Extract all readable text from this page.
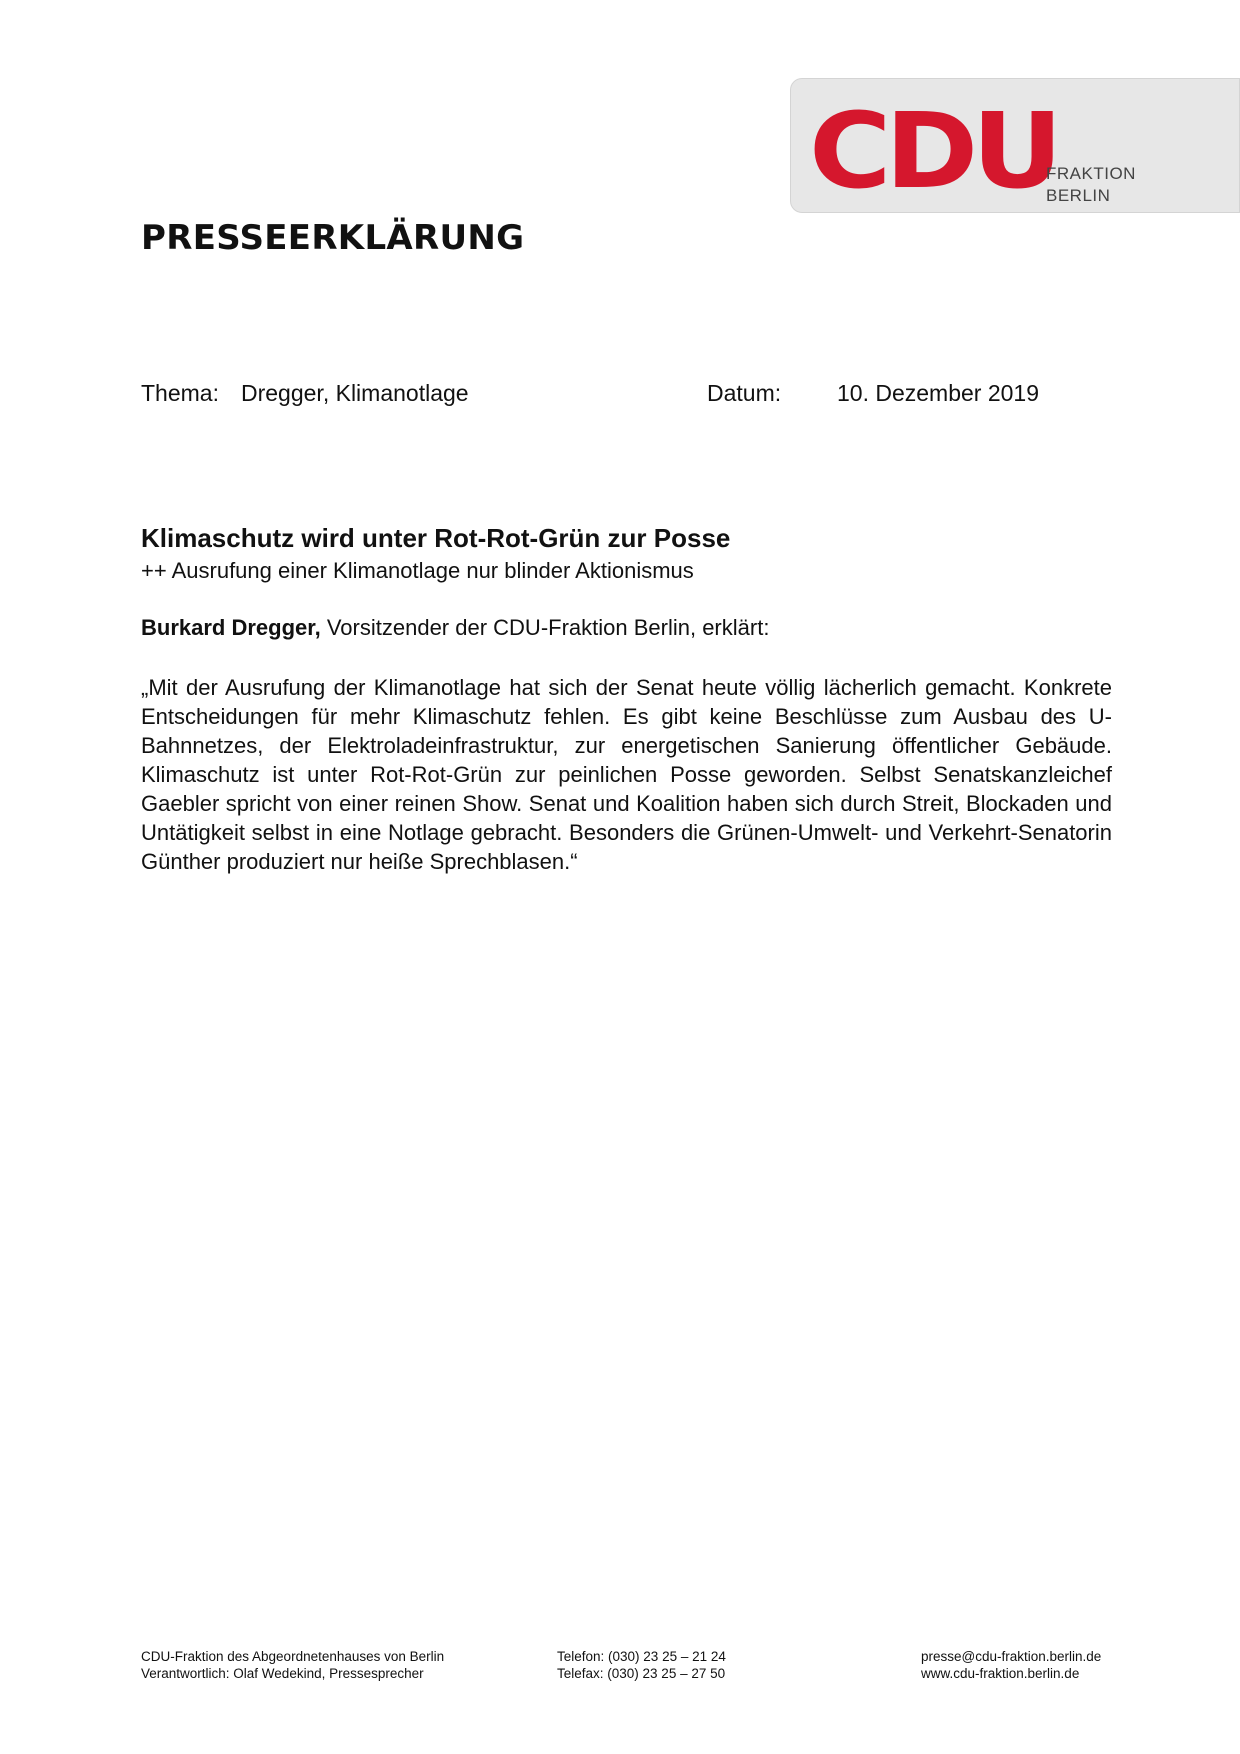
CDU
FRAKTION
BERLIN
PRESSEERKLÄRUNG
Thema: Dregger, Klimanotlage	Datum: 10. Dezember 2019
Klimaschutz wird unter Rot-Rot-Grün zur Posse
++ Ausrufung einer Klimanotlage nur blinder Aktionismus
Burkard Dregger, Vorsitzender der CDU-Fraktion Berlin, erklärt:

„Mit der Ausrufung der Klimanotlage hat sich der Senat heute völlig lächerlich gemacht. Konkrete Entscheidungen für mehr Klimaschutz fehlen. Es gibt keine Beschlüsse zum Ausbau des U-Bahnnetzes, der Elektroladeinfrastruktur, zur energetischen Sanierung öffentlicher Gebäude. Klimaschutz ist unter Rot-Rot-Grün zur peinlichen Posse geworden. Selbst Senatskanzleichef Gaebler spricht von einer reinen Show. Senat und Koalition haben sich durch Streit, Blockaden und Untätigkeit selbst in eine Notlage gebracht. Besonders die Grünen-Umwelt- und Verkehrt-Senatorin Günther produziert nur heiße Sprechblasen.“

CDU-Fraktion des Abgeordnetenhauses von Berlin
Verantwortlich: Olaf Wedekind, Pressesprecher
Telefon: (030) 23 25 – 21 24
Telefax: (030) 23 25 – 27 50
presse@cdu-fraktion.berlin.de
www.cdu-fraktion.berlin.de
